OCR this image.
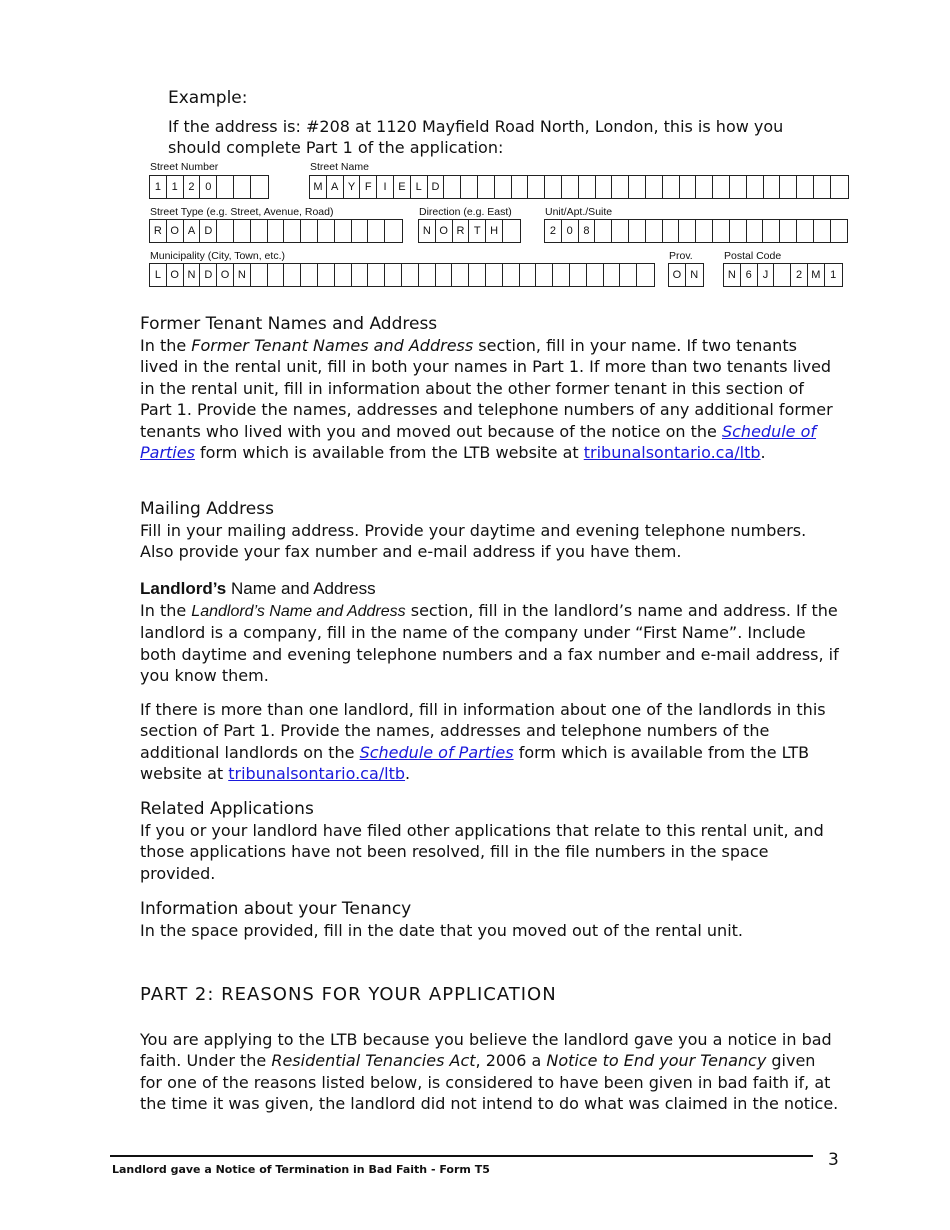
Example:

If the address is: #208 at 1120 Mayfield Road North, London, this is how you should complete Part 1 of the application:

Street Number
1 1 2 0
Street Name
M A Y F	I	E L D
Street Type (e.g. Street, Avenue, Road)
R O A D
Direction (e.g. East)
N O R T H
Unit/Apt./Suite
2 0 8
Municipality (City, Town, etc.)
L O N D O N
Prov.
O N
Postal Code
N 6 J	2 M 1

Former Tenant Names and Address

In the Former Tenant Names and Address section, fill in your name. If two tenants lived in the rental unit, fill in both your names in Part 1. If more than two tenants lived in the rental unit, fill in information about the other former tenant in this section of Part 1. Provide the names, addresses and telephone numbers of any additional former tenants who lived with you and moved out because of the notice on the Schedule of Parties form which is available from the LTB website at tribunalsontario.ca/ltb.

Mailing Address

Fill in your mailing address. Provide your daytime and evening telephone numbers. Also provide your fax number and e-mail address if you have them.

Landlord’s Name and Address

In the Landlord’s Name and Address section, fill in the landlord’s name and address. If the landlord is a company, fill in the name of the company under “First Name”. Include both daytime and evening telephone numbers and a fax number and e-mail address, if you know them.

If there is more than one landlord, fill in information about one of the landlords in this section of Part 1. Provide the names, addresses and telephone numbers of the additional landlords on the Schedule of Parties form which is available from the LTB website at tribunalsontario.ca/ltb.

Related Applications

If you or your landlord have filed other applications that relate to this rental unit, and those applications have not been resolved, fill in the file numbers in the space provided.

Information about your Tenancy

In the space provided, fill in the date that you moved out of the rental unit.

PART 2: REASONS FOR YOUR APPLICATION

You are applying to the LTB because you believe the landlord gave you a notice in bad faith. Under the Residential Tenancies Act, 2006 a Notice to End your Tenancy given for one of the reasons listed below, is considered to have been given in bad faith if, at the time it was given, the landlord did not intend to do what was claimed in the notice.

3
Landlord gave a Notice of Termination in Bad Faith - Form T5
